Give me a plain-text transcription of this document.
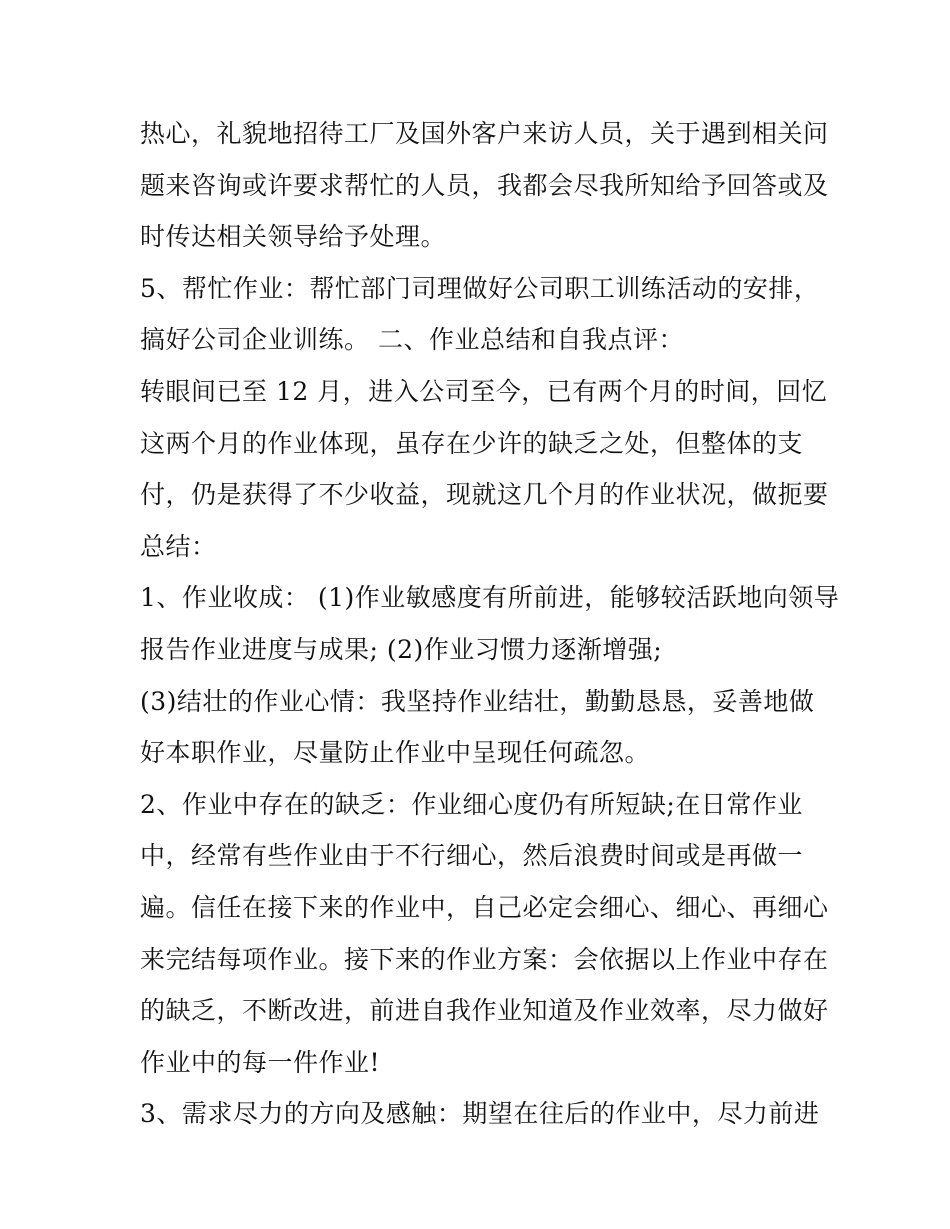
热心，礼貌地招待工厂及国外客户来访人员，关于遇到相关问
题来咨询或许要求帮忙的人员，我都会尽我所知给予回答或及
时传达相关领导给予处理。
5、帮忙作业：帮忙部门司理做好公司职工训练活动的安排，
搞好公司企业训练。 二、作业总结和自我点评：
转眼间已至 12 月，进入公司至今，已有两个月的时间，回忆
这两个月的作业体现，虽存在少许的缺乏之处，但整体的支
付，仍是获得了不少收益，现就这几个月的作业状况，做扼要
总结：
1、作业收成： (1)作业敏感度有所前进，能够较活跃地向领导
报告作业进度与成果; (2)作业习惯力逐渐增强;
(3)结壮的作业心情：我坚持作业结壮，勤勤恳恳，妥善地做
好本职作业，尽量防止作业中呈现任何疏忽。
2、作业中存在的缺乏：作业细心度仍有所短缺;在日常作业
中，经常有些作业由于不行细心，然后浪费时间或是再做一
遍。信任在接下来的作业中，自己必定会细心、细心、再细心
来完结每项作业。接下来的作业方案：会依据以上作业中存在
的缺乏，不断改进，前进自我作业知道及作业效率，尽力做好
作业中的每一件作业!
3、需求尽力的方向及感触：期望在往后的作业中，尽力前进
